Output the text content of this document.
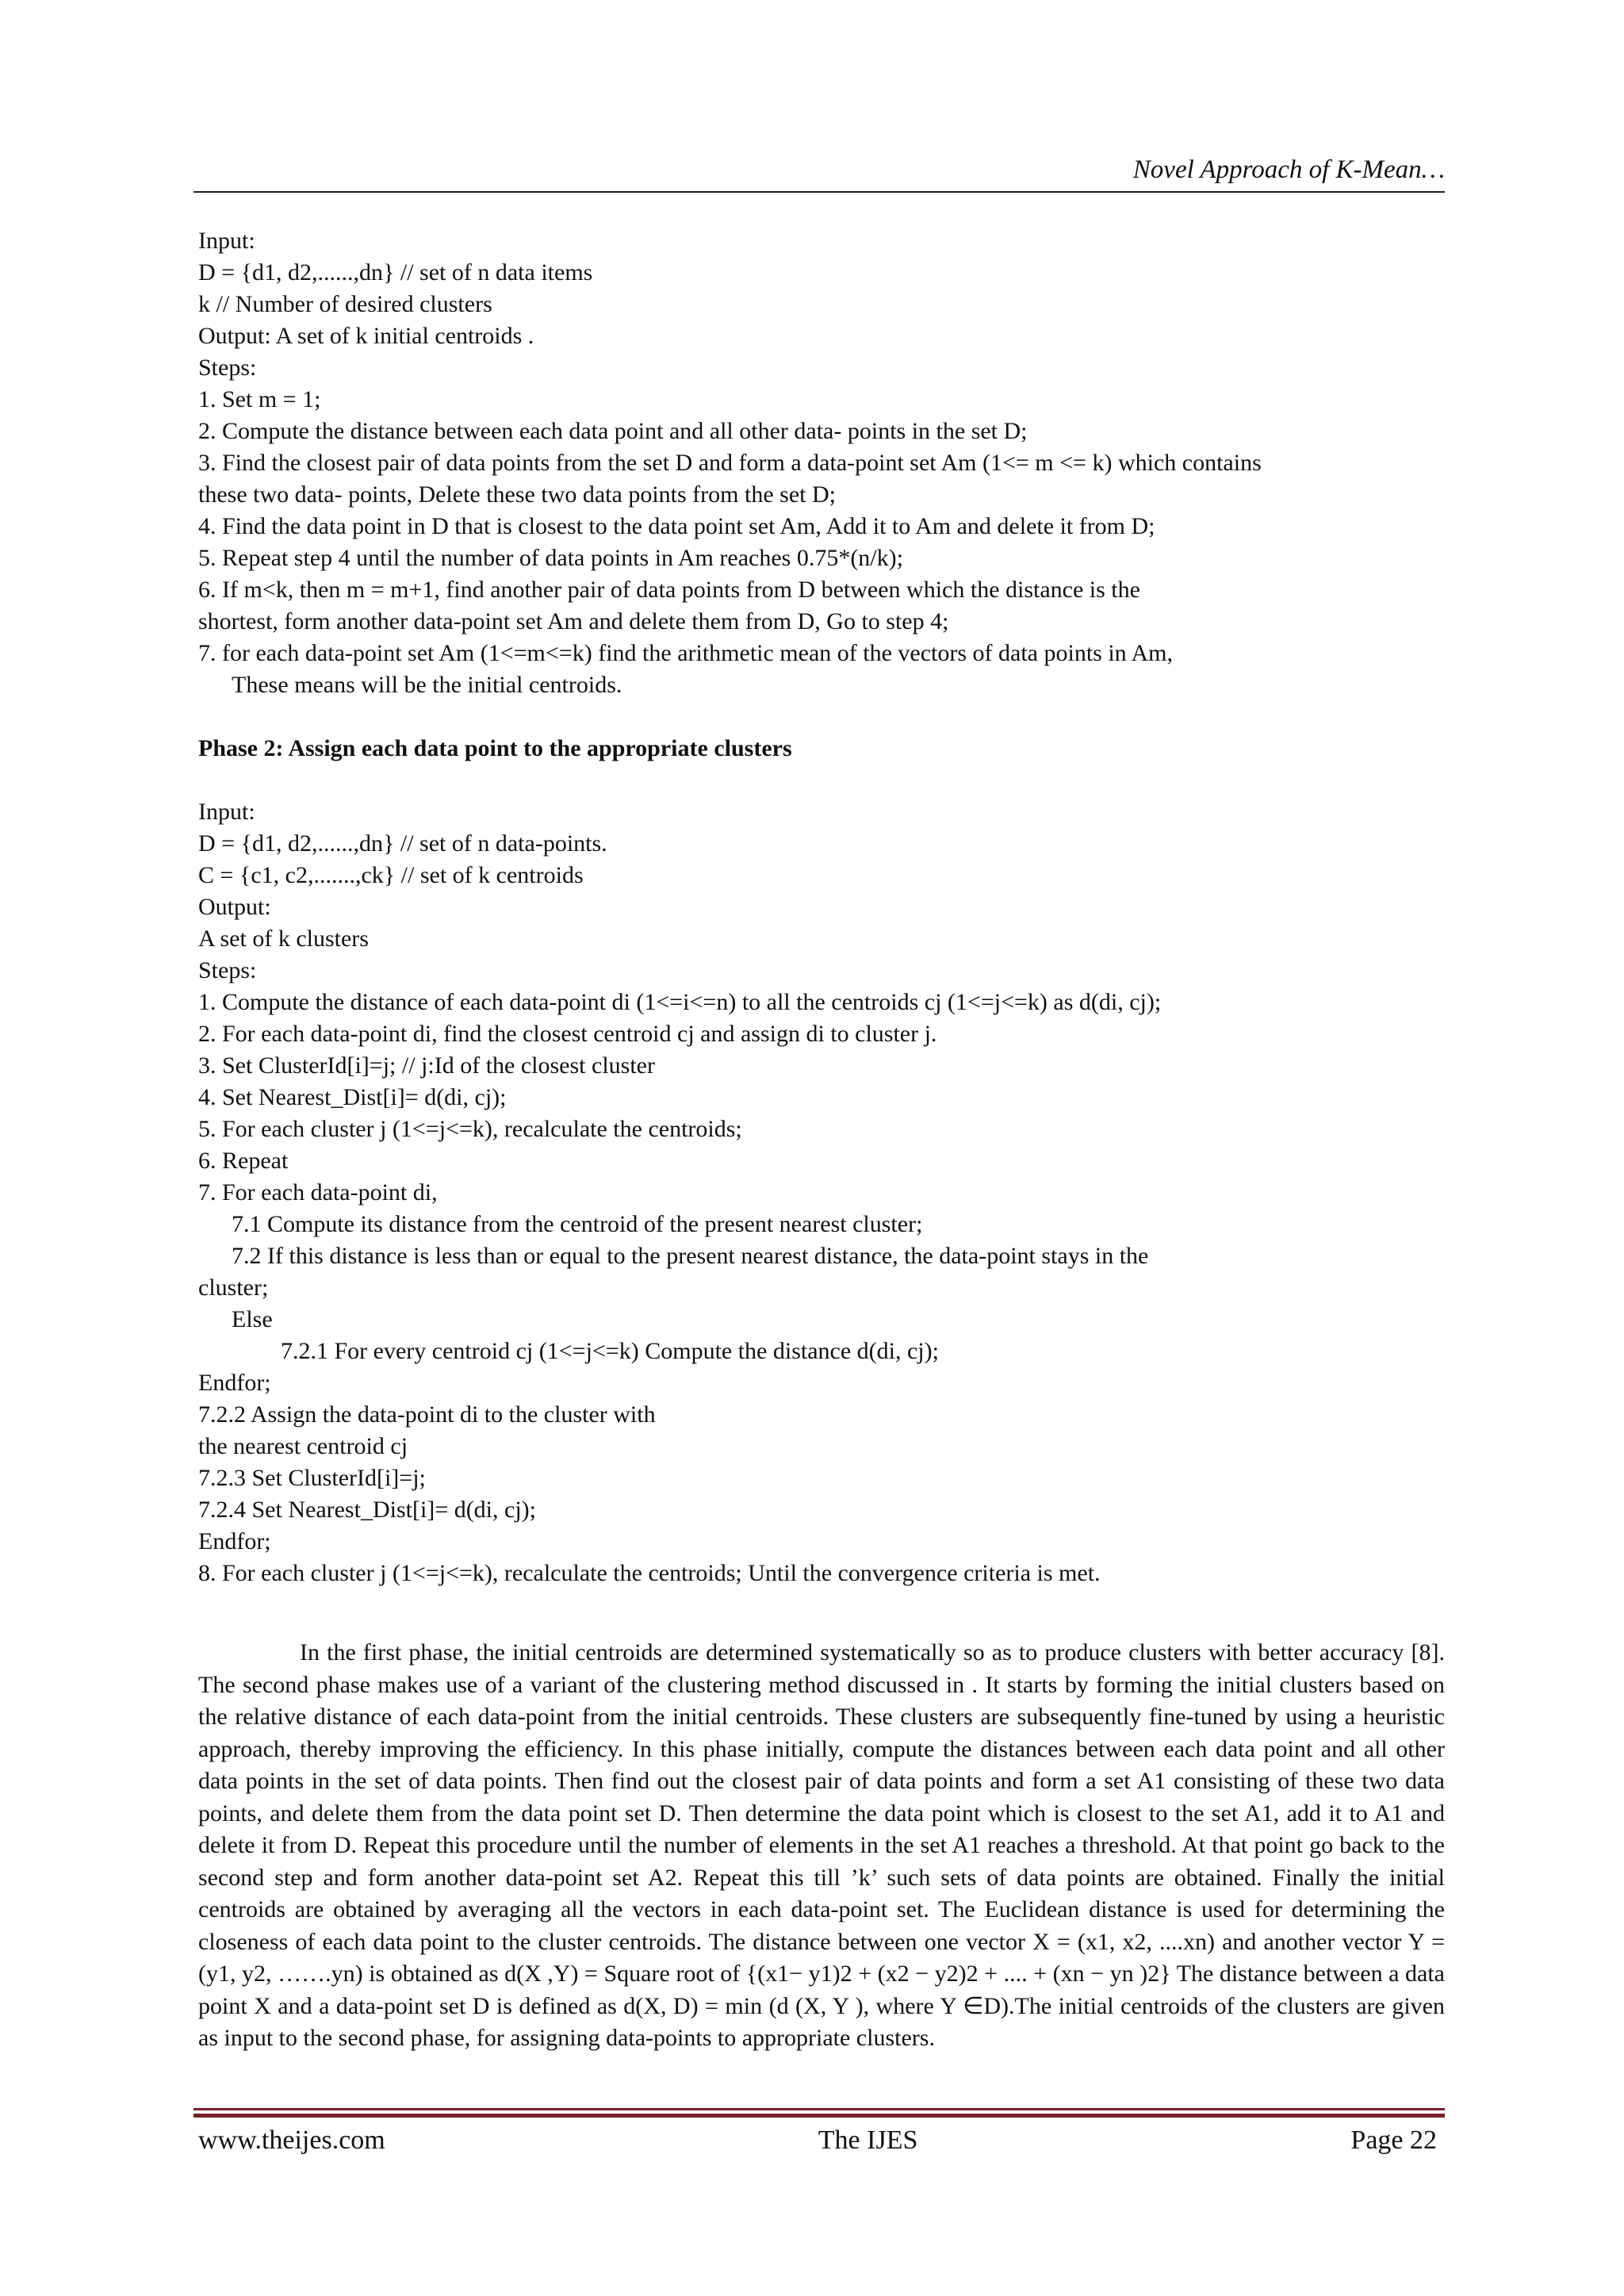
Novel Approach of K-Mean…
Input:
D = {d1, d2,......,dn} // set of n data items
k // Number of desired clusters
Output: A set of k initial centroids .
Steps:
1. Set m = 1;
2. Compute the distance between each data point and all other data- points in the set D;
3. Find the closest pair of data points from the set D and form a data-point set Am (1<= m <= k) which contains
these two data- points, Delete these two data points from the set D;
4. Find the data point in D that is closest to the data point set Am, Add it to Am and delete it from D;
5. Repeat step 4 until the number of data points in Am reaches 0.75*(n/k);
6. If m<k, then m = m+1, find another pair of data points from D between which the distance is the
shortest, form another data-point set Am and delete them from D, Go to step 4;
7. for each data-point set Am (1<=m<=k) find the arithmetic mean of the vectors of data points in Am,
These means will be the initial centroids.
Phase 2: Assign each data point to the appropriate clusters
Input:
D = {d1, d2,......,dn} // set of n data-points.
C = {c1, c2,.......,ck} // set of k centroids
Output:
A set of k clusters
Steps:
1. Compute the distance of each data-point di (1<=i<=n) to all the centroids cj (1<=j<=k) as d(di, cj);
2. For each data-point di, find the closest centroid cj and assign di to cluster j.
3. Set ClusterId[i]=j; // j:Id of the closest cluster
4. Set Nearest_Dist[i]= d(di, cj);
5. For each cluster j (1<=j<=k), recalculate the centroids;
6. Repeat
7. For each data-point di,
7.1 Compute its distance from the centroid of the present nearest cluster;
7.2 If this distance is less than or equal to the present nearest distance, the data-point stays in the
cluster;
Else
7.2.1 For every centroid cj (1<=j<=k) Compute the distance d(di, cj);
Endfor;
7.2.2 Assign the data-point di to the cluster with
the nearest centroid cj
7.2.3 Set ClusterId[i]=j;
7.2.4 Set Nearest_Dist[i]= d(di, cj);
Endfor;
8. For each cluster j (1<=j<=k), recalculate the centroids; Until the convergence criteria is met.
In the first phase, the initial centroids are determined systematically so as to produce clusters with better accuracy [8]. The second phase makes use of a variant of the clustering method discussed in . It starts by forming the initial clusters based on the relative distance of each data-point from the initial centroids. These clusters are subsequently fine-tuned by using a heuristic approach, thereby improving the efficiency. In this phase initially, compute the distances between each data point and all other data points in the set of data points. Then find out the closest pair of data points and form a set A1 consisting of these two data points, and delete them from the data point set D. Then determine the data point which is closest to the set A1, add it to A1 and delete it from D. Repeat this procedure until the number of elements in the set A1 reaches a threshold. At that point go back to the second step and form another data-point set A2. Repeat this till ’k’ such sets of data points are obtained. Finally the initial centroids are obtained by averaging all the vectors in each data-point set. The Euclidean distance is used for determining the closeness of each data point to the cluster centroids. The distance between one vector X = (x1, x2, ....xn) and another vector Y = (y1, y2, …….yn) is obtained as d(X ,Y) = Square root of {(x1− y1)2 + (x2 − y2)2 + .... + (xn − yn )2} The distance between a data point X and a data-point set D is defined as d(X, D) = min (d (X, Y ), where Y ∈D).The initial centroids of the clusters are given as input to the second phase, for assigning data-points to appropriate clusters.
www.theijes.com	The IJES	Page 22
